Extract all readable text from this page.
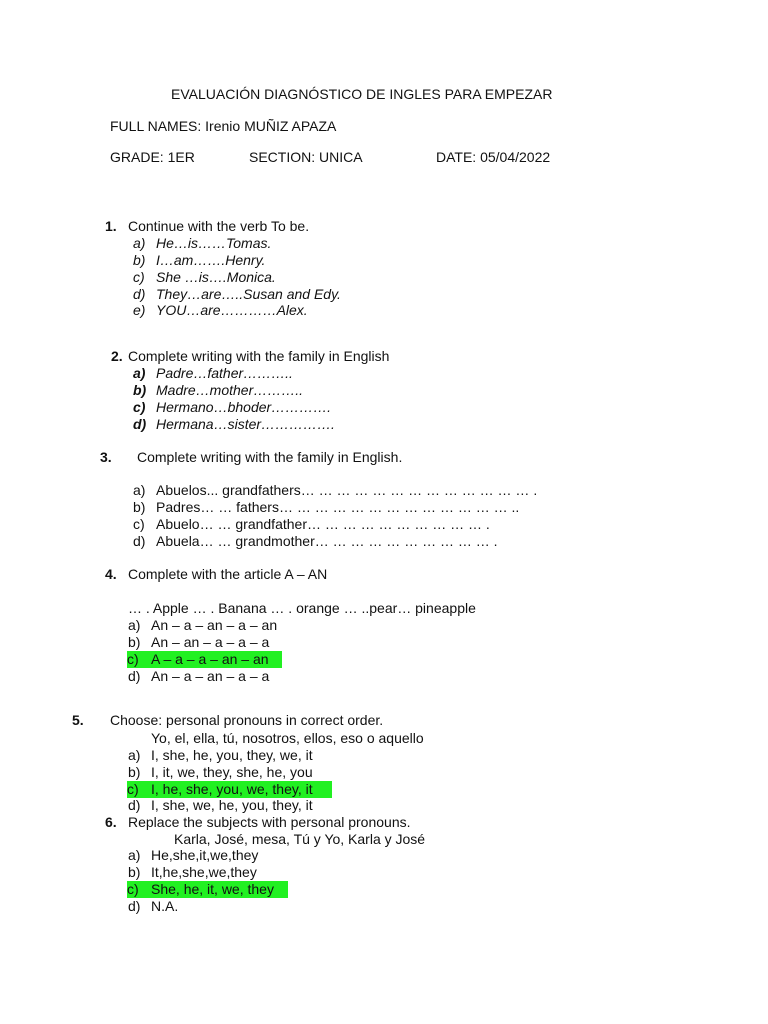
EVALUACIÓN DIAGNÓSTICO DE INGLES PARA EMPEZAR
FULL NAMES: Irenio MUÑIZ APAZA
GRADE: 1ER	SECTION: UNICA	DATE: 05/04/2022
1. Continue with the verb To be.
a) He…is……Tomas.
b) I…am…….Henry.
c) She …is….Monica.
d) They…are…..Susan and Edy.
e) YOU…are…………Alex.
2. Complete writing with the family in English
a) Padre…father………..
b) Madre…mother………..
c) Hermano…bhoder………….
d) Hermana…sister…………….
3. Complete writing with the family in English.
a) Abuelos... grandfathers… … … … … … … … … … … … … .
b) Padres… … fathers… … … … … … … … … … … … … ..
c) Abuelo… … grandfather… … … … … … … … … … .
d) Abuela… … grandmother… … … … … … … … … … .
4. Complete with the article A – AN
… . Apple … . Banana … . orange … ..pear… pineapple
a) An – a – an – a – an
b) An – an – a – a – a
c) A – a – a – an – an
d) An – a – an – a – a
5. Choose: personal pronouns in correct order.
Yo, el, ella, tú, nosotros, ellos, eso o aquello
a) I, she, he, you, they, we, it
b) I, it, we, they, she, he, you
c) I, he, she, you, we, they, it
d) I, she, we, he, you, they, it
6. Replace the subjects with personal pronouns.
Karla, José, mesa, Tú y Yo, Karla y José
a) He,she,it,we,they
b) It,he,she,we,they
c) She, he, it, we, they
d) N.A.
